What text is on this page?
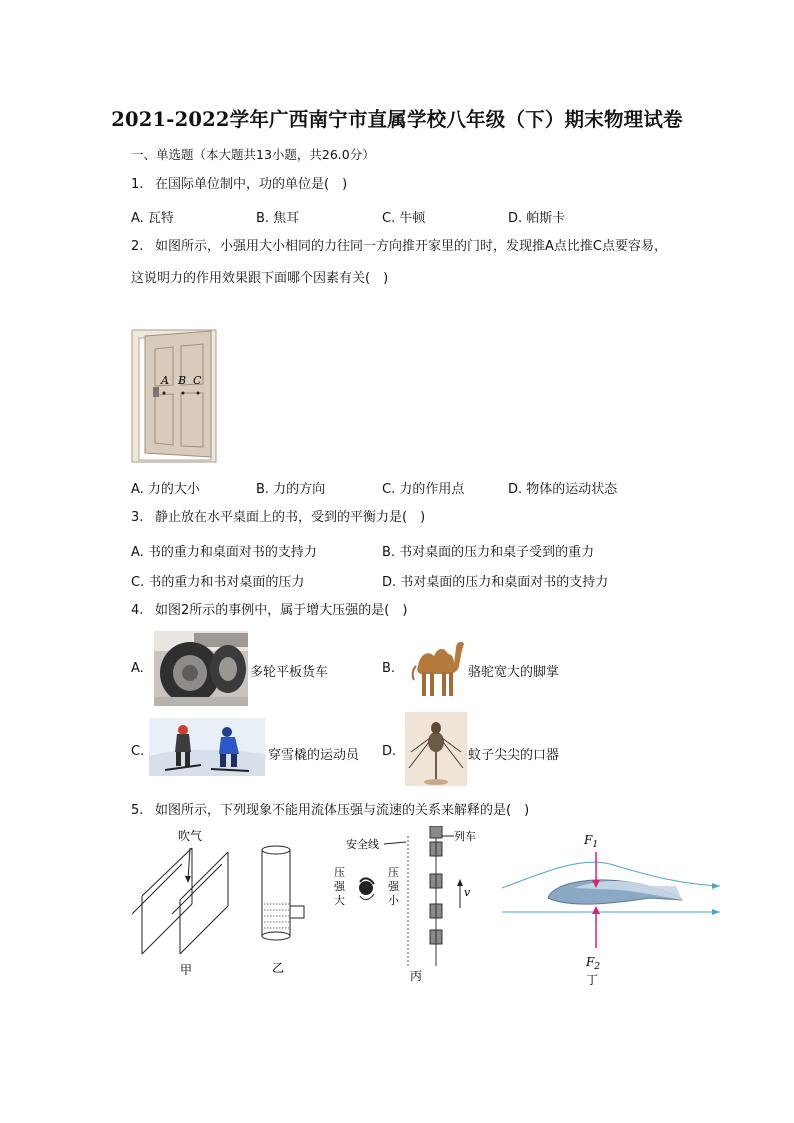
2021-2022学年广西南宁市直属学校八年级（下）期末物理试卷
一、单选题（本大题共13小题，共26.0分）
1. 在国际单位制中，功的单位是(　)
A. 瓦特	B. 焦耳	C. 牛顿	D. 帕斯卡
2. 如图所示，小强用大小相同的力往同一方向推开家里的门时，发现推A点比推C点要容易，
这说明力的作用效果跟下面哪个因素有关(　)
A B C
A. 力的大小	B. 力的方向	C. 力的作用点	D. 物体的运动状态
3. 静止放在水平桌面上的书，受到的平衡力是(　)
A. 书的重力和桌面对书的支持力	B. 书对桌面的压力和桌子受到的重力
C. 书的重力和书对桌面的压力	D. 书对桌面的压力和桌面对书的支持力
4. 如图2所示的事例中，属于增大压强的是(　)
A.	多轮平板货车	B.	骆驼宽大的脚掌
C.	穿雪橇的运动员 D.	蚊子尖尖的口器
5. 如图所示，下列现象不能用流体压强与流速的关系来解释的是(　)
吹气
甲	乙
安全线
列车
v
压
强
大
压
强
小
丙
$F_1$
$F_2$
丁
